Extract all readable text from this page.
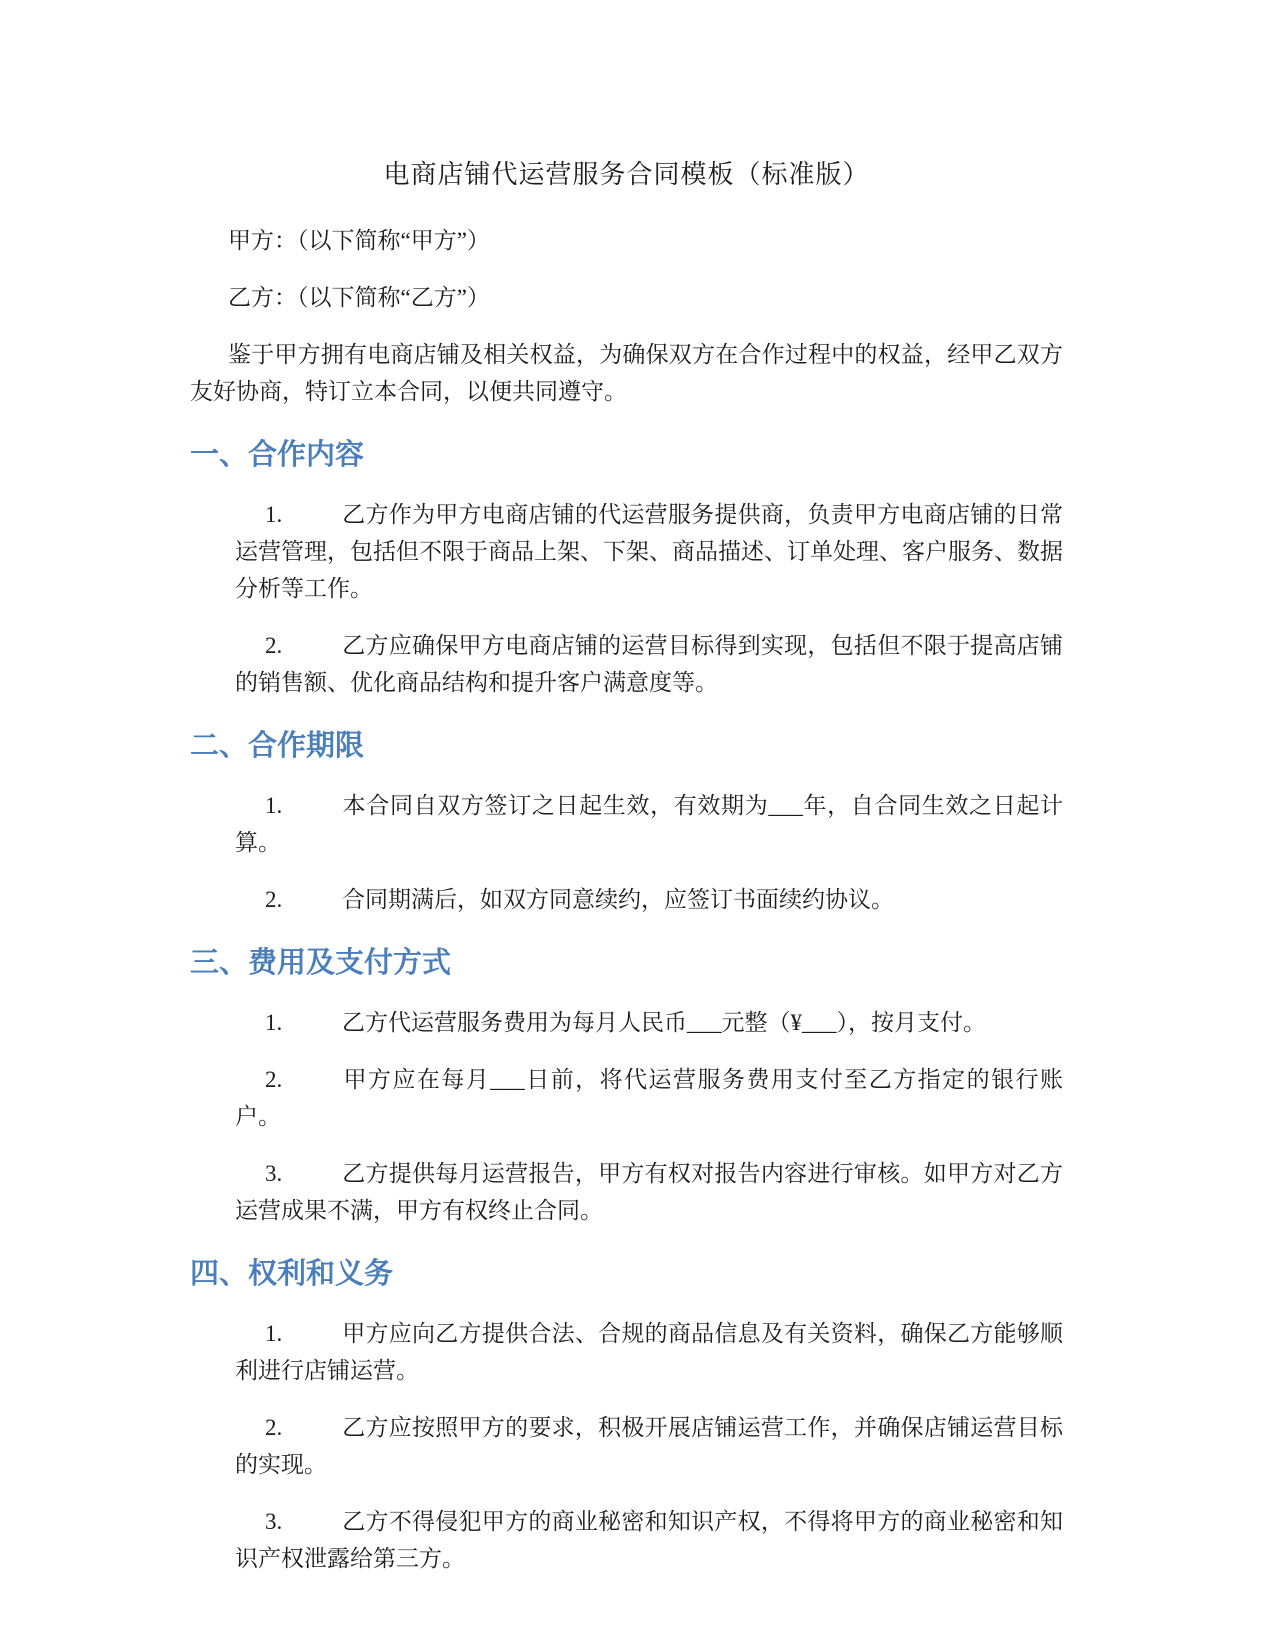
电商店铺代运营服务合同模板（标准版）

甲方：（以下简称“甲方”）

乙方：（以下简称“乙方”）

鉴于甲方拥有电商店铺及相关权益，为确保双方在合作过程中的权益，经甲乙双方友好协商，特订立本合同，以便共同遵守。

一、合作内容

1.	乙方作为甲方电商店铺的代运营服务提供商，负责甲方电商店铺的日常运营管理，包括但不限于商品上架、下架、商品描述、订单处理、客户服务、数据分析等工作。

2.	乙方应确保甲方电商店铺的运营目标得到实现，包括但不限于提高店铺的销售额、优化商品结构和提升客户满意度等。

二、合作期限

1.	本合同自双方签订之日起生效，有效期为___年，自合同生效之日起计算。

2.	合同期满后，如双方同意续约，应签订书面续约协议。

三、费用及支付方式

1.	乙方代运营服务费用为每月人民币___元整（¥___），按月支付。

2.	甲方应在每月___日前，将代运营服务费用支付至乙方指定的银行账户。

3.	乙方提供每月运营报告，甲方有权对报告内容进行审核。如甲方对乙方运营成果不满，甲方有权终止合同。

四、权利和义务

1.	甲方应向乙方提供合法、合规的商品信息及有关资料，确保乙方能够顺利进行店铺运营。

2.	乙方应按照甲方的要求，积极开展店铺运营工作，并确保店铺运营目标的实现。

3.	乙方不得侵犯甲方的商业秘密和知识产权，不得将甲方的商业秘密和知识产权泄露给第三方。
